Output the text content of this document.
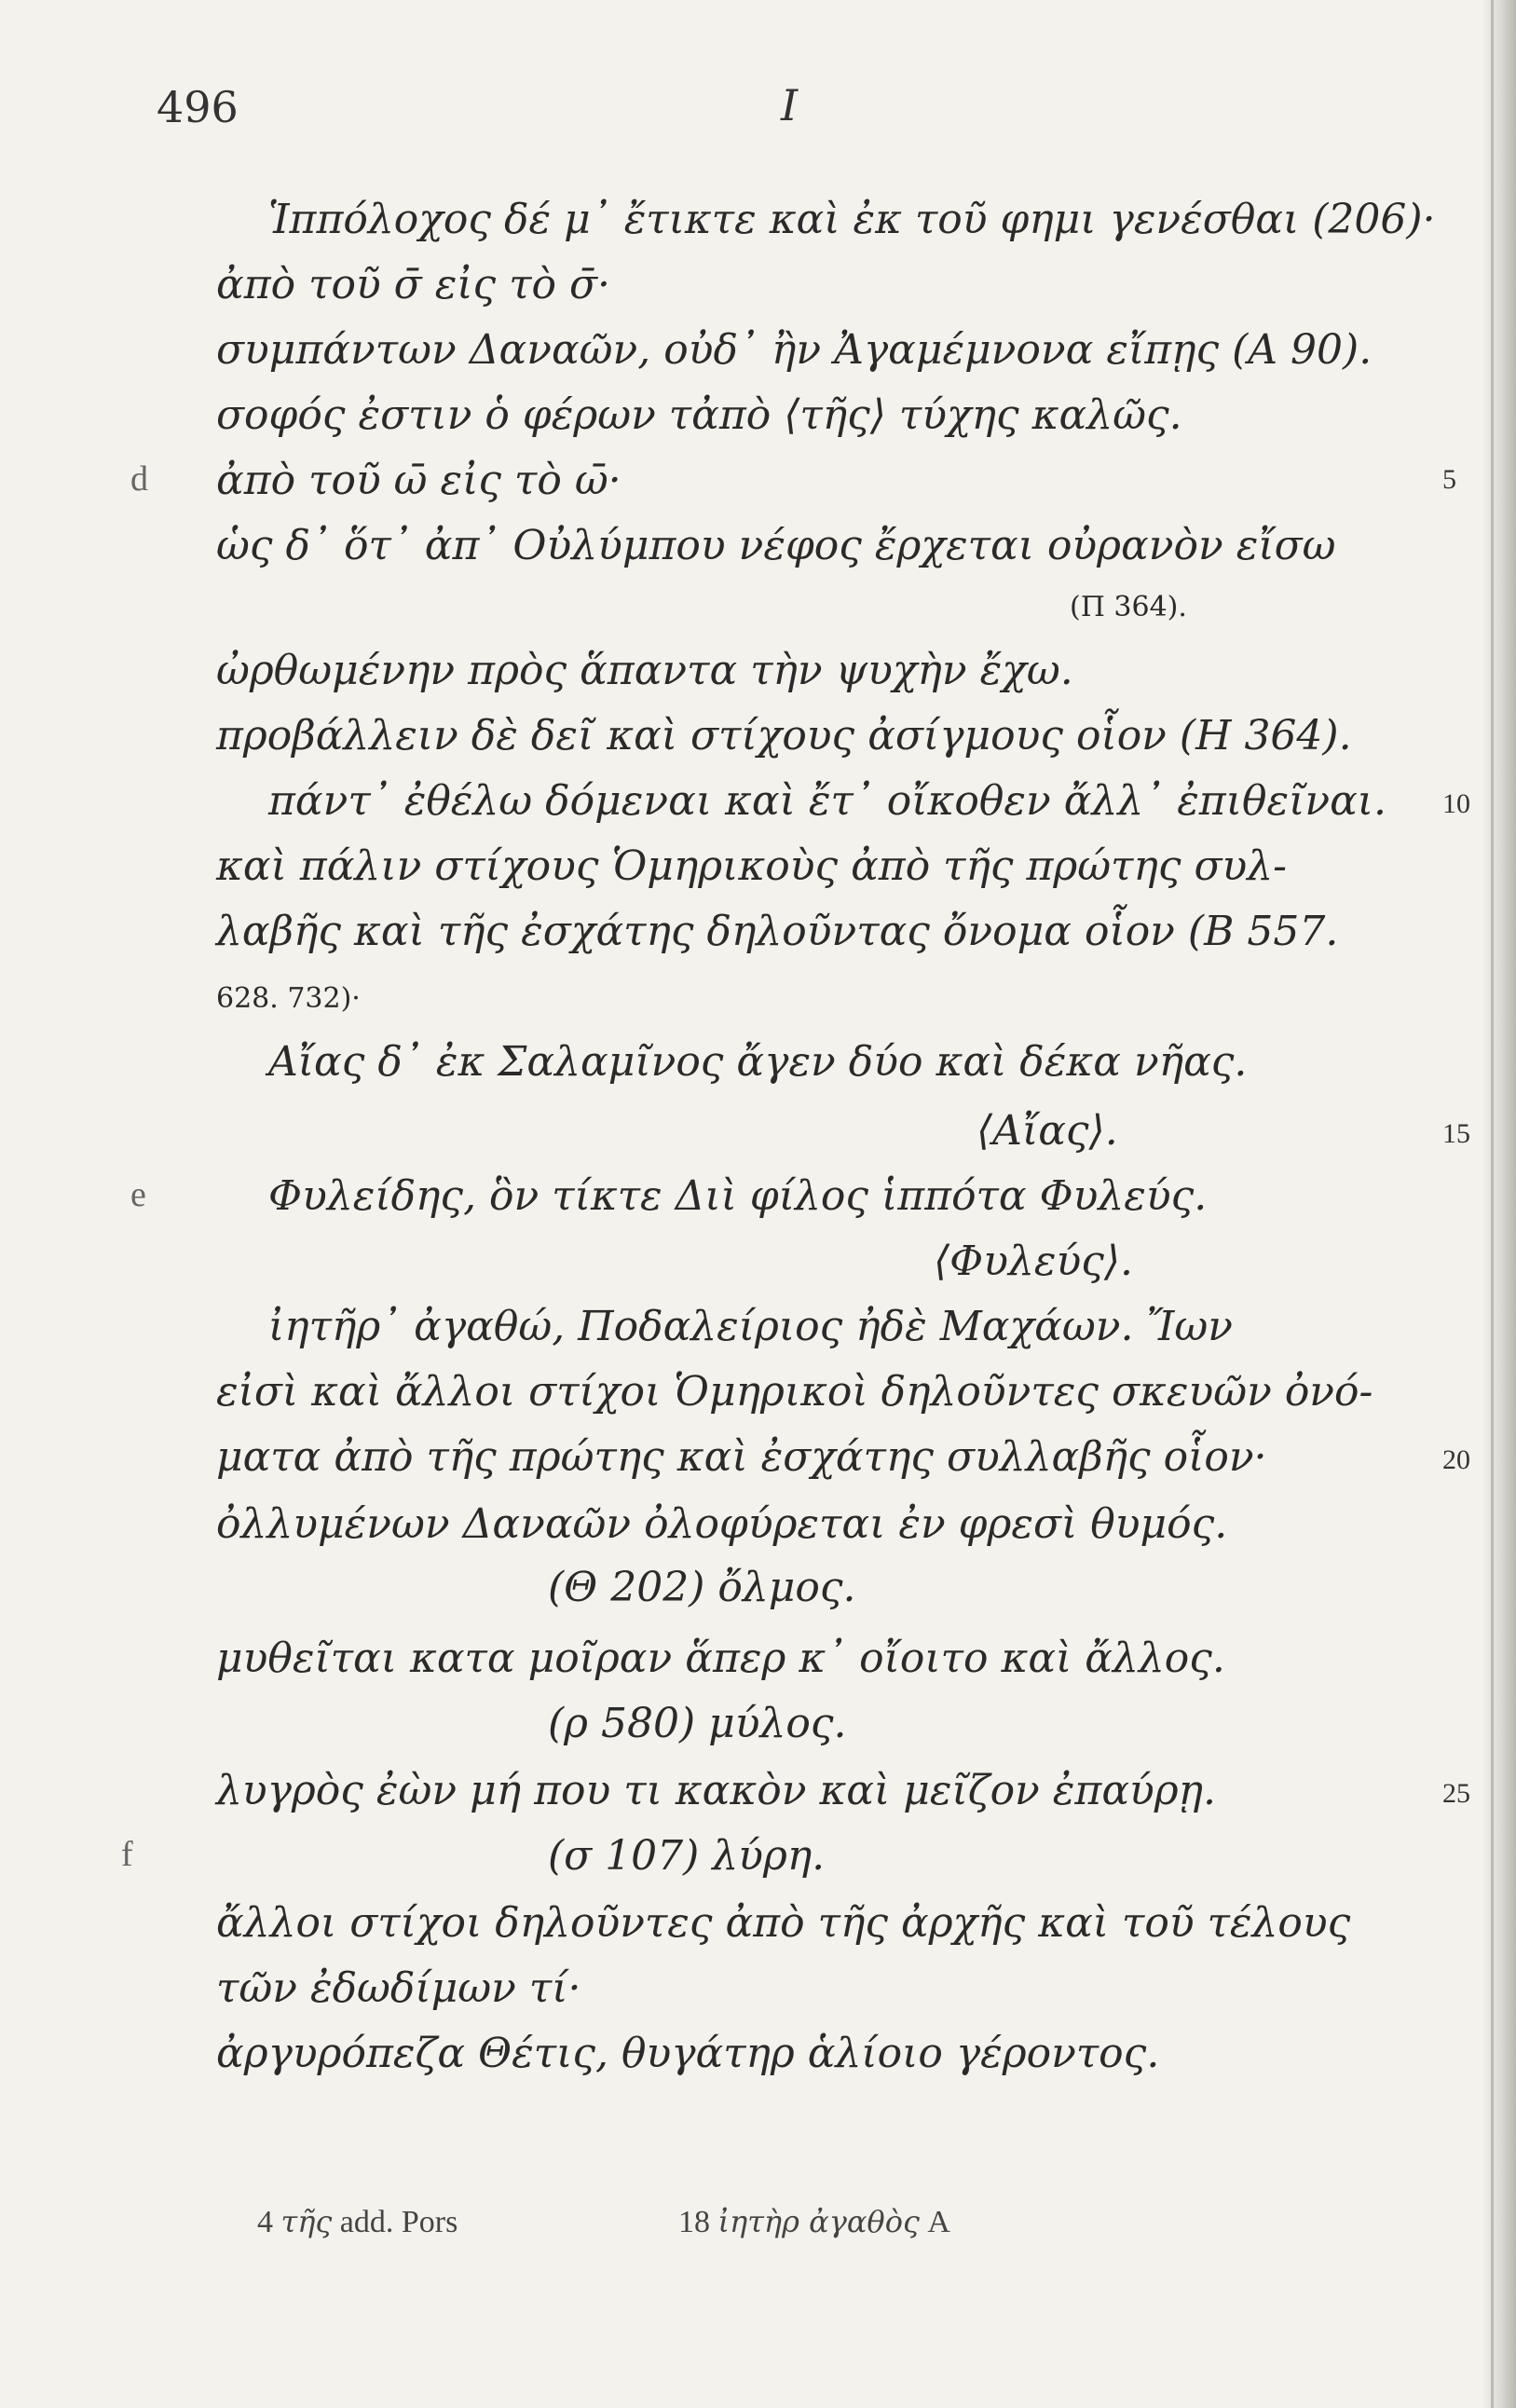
496	I
Ἱππόλοχος δέ μ᾽ ἔτικτε καὶ ἐκ τοῦ φημι γενέσθαι (206)·
ἀπὸ τοῦ σ̄ εἰς τὸ σ̄·
συμπάντων Δαναῶν, οὐδ᾽ ἢν Ἀγαμέμνονα εἴπῃς (Α 90).
σοφός ἐστιν ὁ φέρων τἀπὸ ⟨τῆς⟩ τύχης καλῶς.
d ἀπὸ τοῦ ω̄ εἰς τὸ ω̄·	5
ὡς δ᾽ ὅτ᾽ ἀπ᾽ Οὐλύμπου νέφος ἔρχεται οὐρανὸν εἴσω
(Π 364).
ὠρθωμένην πρὸς ἅπαντα τὴν ψυχὴν ἔχω.
προβάλλειν δὲ δεῖ καὶ στίχους ἀσίγμους οἷον (Η 364).
πάντ᾽ ἐθέλω δόμεναι καὶ ἔτ᾽ οἴκοθεν ἄλλ᾽ ἐπιθεῖναι. 10
καὶ πάλιν στίχους Ὁμηρικοὺς ἀπὸ τῆς πρώτης συλ-
λαβῆς καὶ τῆς ἐσχάτης δηλοῦντας ὄνομα οἷον (Β 557.
628. 732)·
Αἴας δ᾽ ἐκ Σαλαμῖνος ἄγεν δύο καὶ δέκα νῆας.
⟨Αἴας⟩.	15
e	Φυλείδης, ὃν τίκτε Διὶ φίλος ἱππότα Φυλεύς.
⟨Φυλεύς⟩.
ἰητῆρ᾽ ἀγαθώ, Ποδαλείριος ἠδὲ Μαχάων. Ἴων
εἰσὶ καὶ ἄλλοι στίχοι Ὁμηρικοὶ δηλοῦντες σκευῶν ὀνό-
ματα ἀπὸ τῆς πρώτης καὶ ἐσχάτης συλλαβῆς οἷον·	20
ὀλλυμένων Δαναῶν ὀλοφύρεται ἐν φρεσὶ θυμός.
(Θ 202) ὄλμος.
μυθεῖται κατα μοῖραν ἅπερ κ᾽ οἴοιτο καὶ ἄλλος.
(ρ 580) μύλος.
λυγρὸς ἐὼν μή που τι κακὸν καὶ μεῖζον ἐπαύρῃ.	25
f	(σ 107) λύρη.
ἄλλοι στίχοι δηλοῦντες ἀπὸ τῆς ἀρχῆς καὶ τοῦ τέλους
τῶν ἐδωδίμων τί·
ἀργυρόπεζα Θέτις, θυγάτηρ ἁλίοιο γέροντος.
4 τῆς add. Pors	18 ἰητὴρ ἀγαθὸς A
